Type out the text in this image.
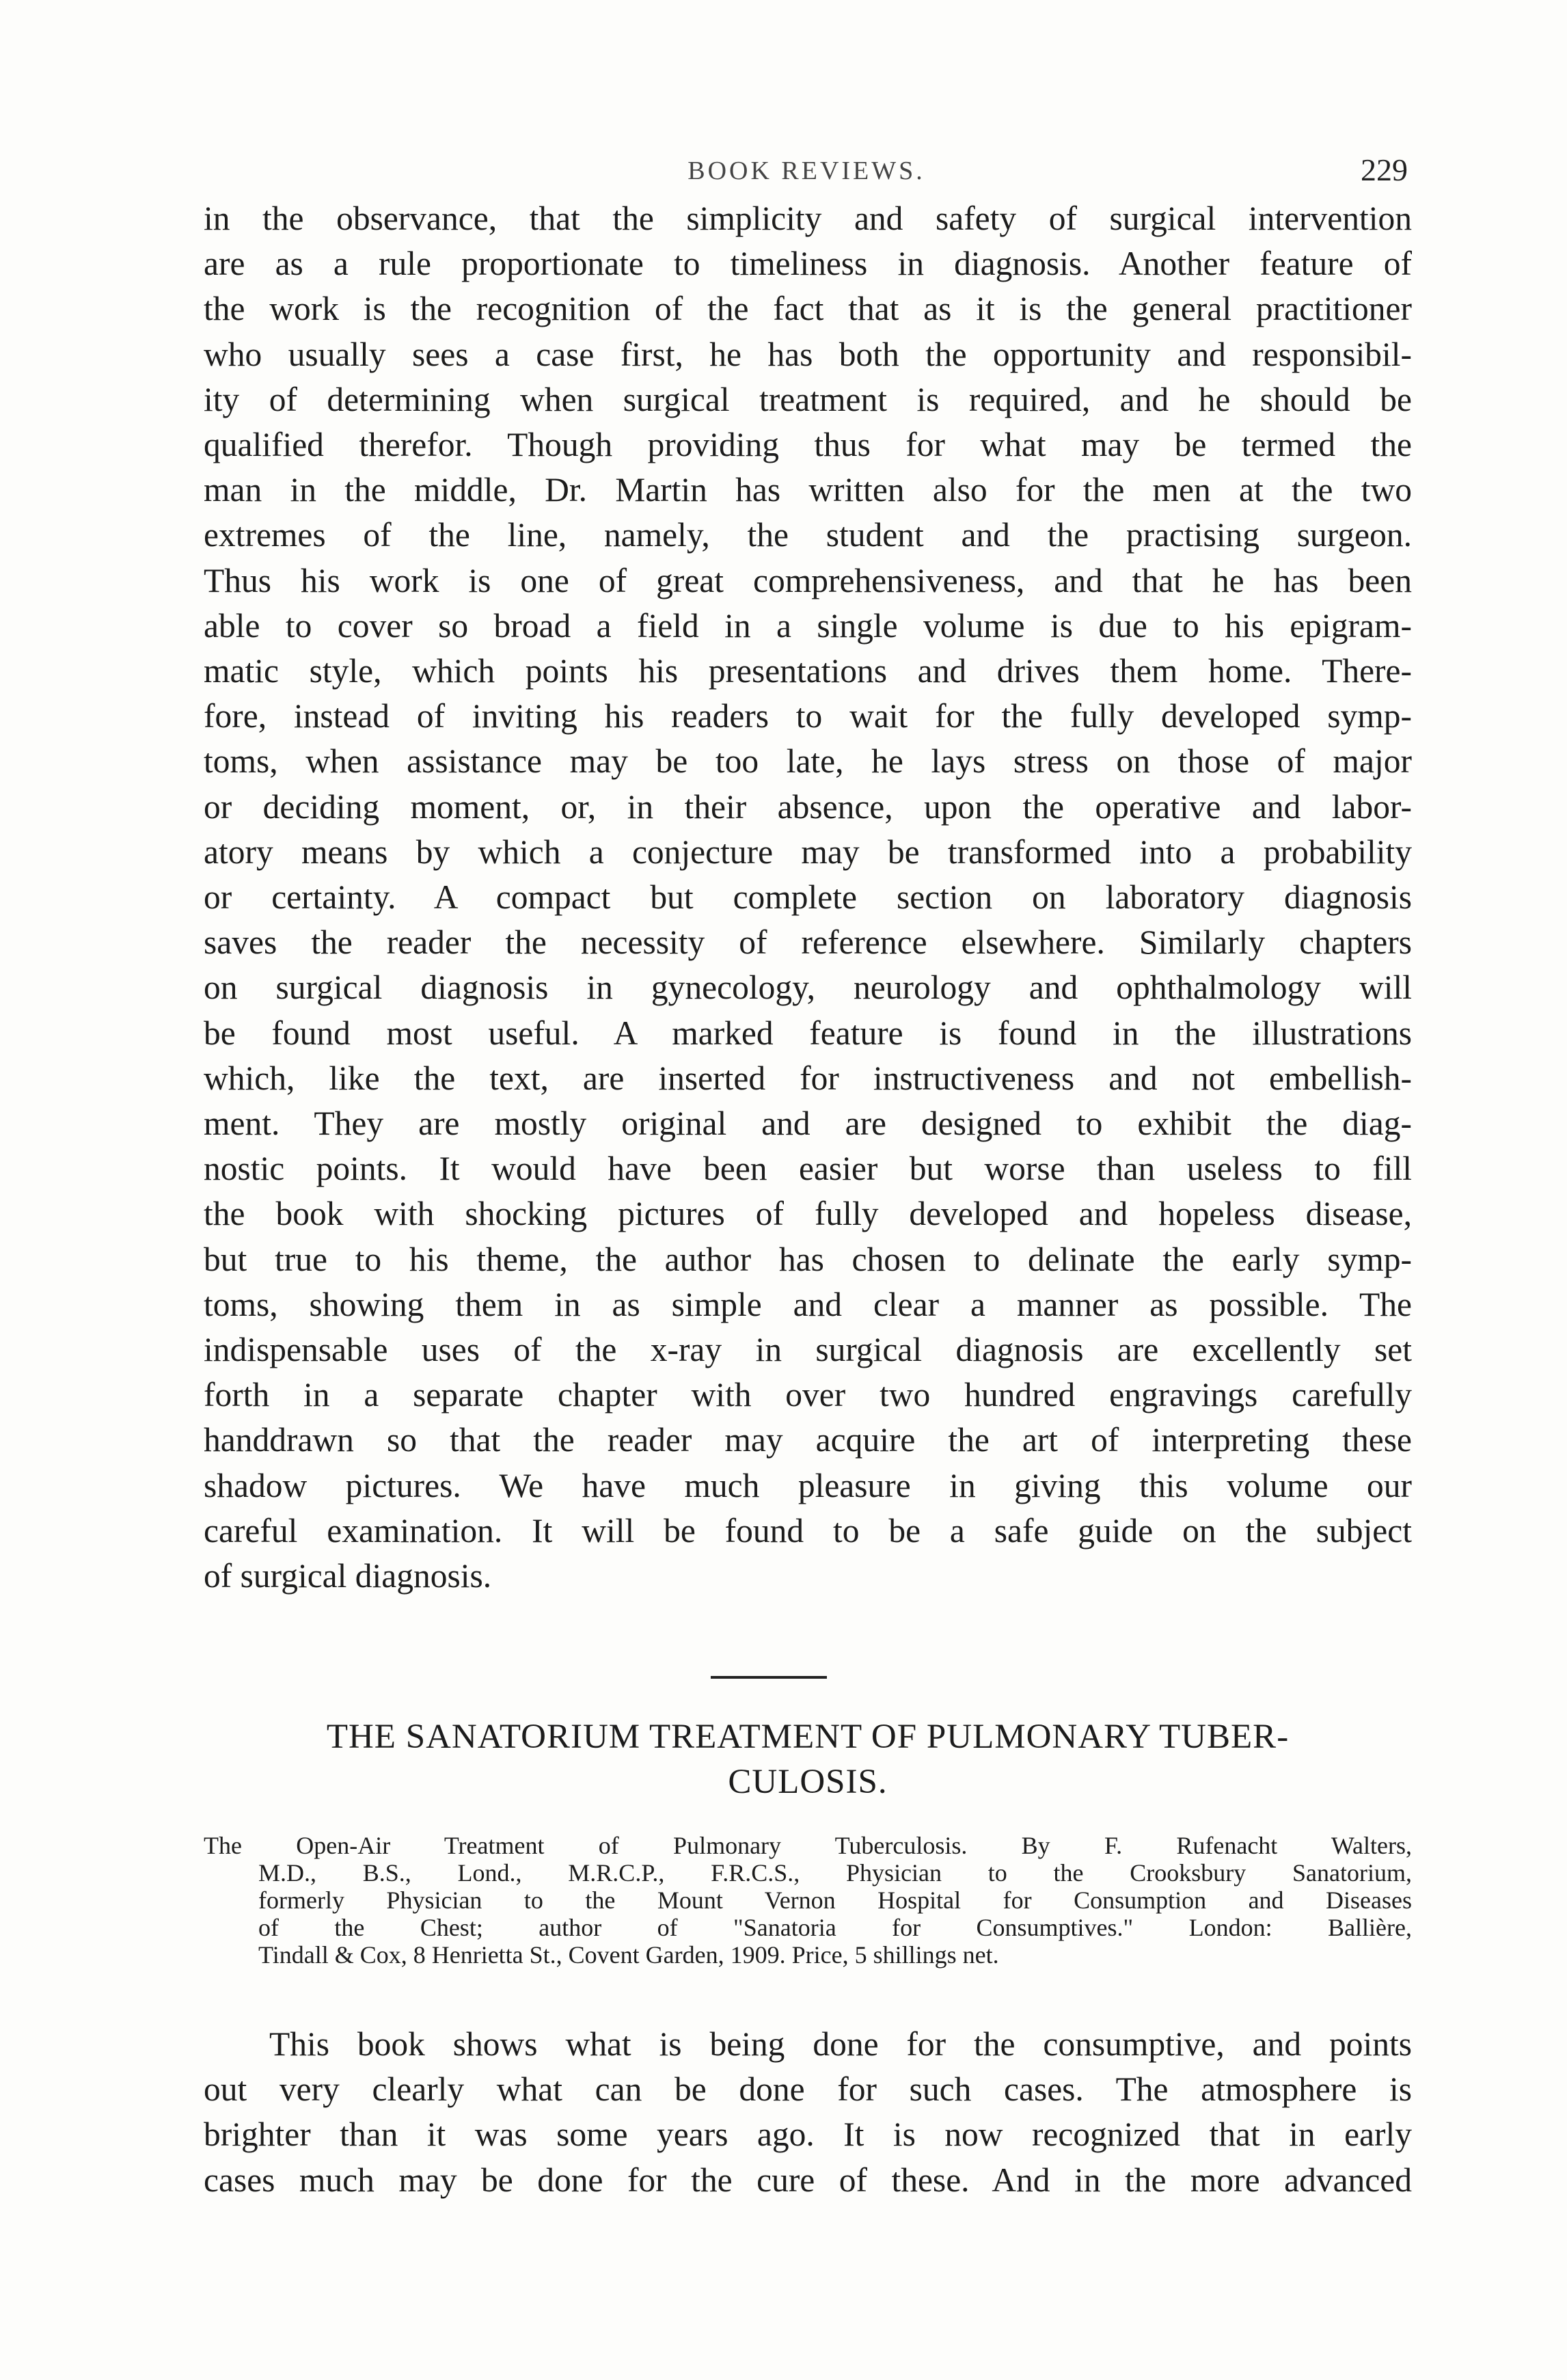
BOOK REVIEWS.	229

in the observance, that the simplicity and safety of surgical intervention
are as a rule proportionate to timeliness in diagnosis. Another feature of
the work is the recognition of the fact that as it is the general practitioner
who usually sees a case first, he has both the opportunity and responsibil-
ity of determining when surgical treatment is required, and he should be
qualified therefor. Though providing thus for what may be termed the
man in the middle, Dr. Martin has written also for the men at the two
extremes of the line, namely, the student and the practising surgeon.
Thus his work is one of great comprehensiveness, and that he has been
able to cover so broad a field in a single volume is due to his epigram-
matic style, which points his presentations and drives them home. There-
fore, instead of inviting his readers to wait for the fully developed symp-
toms, when assistance may be too late, he lays stress on those of major
or deciding moment, or, in their absence, upon the operative and labor-
atory means by which a conjecture may be transformed into a probability
or certainty. A compact but complete section on laboratory diagnosis
saves the reader the necessity of reference elsewhere. Similarly chapters
on surgical diagnosis in gynecology, neurology and ophthalmology will
be found most useful. A marked feature is found in the illustrations
which, like the text, are inserted for instructiveness and not embellish-
ment. They are mostly original and are designed to exhibit the diag-
nostic points. It would have been easier but worse than useless to fill
the book with shocking pictures of fully developed and hopeless disease,
but true to his theme, the author has chosen to delinate the early symp-
toms, showing them in as simple and clear a manner as possible. The
indispensable uses of the x-ray in surgical diagnosis are excellently set
forth in a separate chapter with over two hundred engravings carefully
handdrawn so that the reader may acquire the art of interpreting these
shadow pictures. We have much pleasure in giving this volume our
careful examination. It will be found to be a safe guide on the subject
of surgical diagnosis.

THE SANATORIUM TREATMENT OF PULMONARY TUBER-
CULOSIS.

The Open-Air Treatment of Pulmonary Tuberculosis. By F. Rufenacht Walters,
M.D., B.S., Lond., M.R.C.P., F.R.C.S., Physician to the Crooksbury Sanatorium,
formerly Physician to the Mount Vernon Hospital for Consumption and Diseases
of the Chest; author of "Sanatoria for Consumptives." London: Ballière,
Tindall & Cox, 8 Henrietta St., Covent Garden, 1909. Price, 5 shillings net.

This book shows what is being done for the consumptive, and points
out very clearly what can be done for such cases. The atmosphere is
brighter than it was some years ago. It is now recognized that in early
cases much may be done for the cure of these. And in the more advanced
